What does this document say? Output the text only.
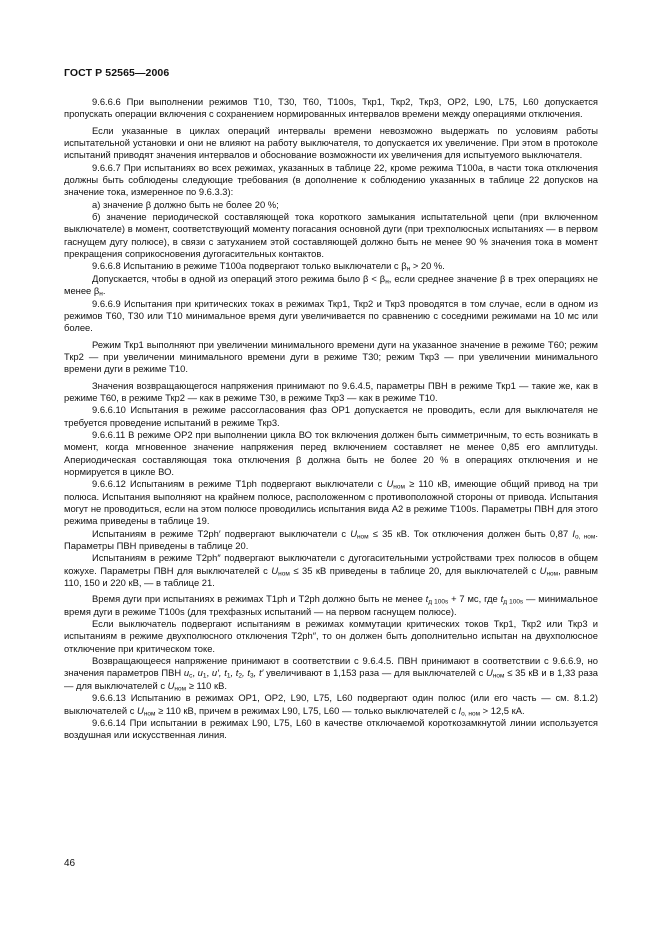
ГОСТ Р 52565—2006

9.6.6.6 При выполнении режимов Т10, Т30, Т60, Т100s, Ткр1, Ткр2, Ткр3, ОР2, L90, L75, L60 допускается пропускать операции включения с сохранением нормированных интервалов времени между операциями отключения.

Если указанные в циклах операций интервалы времени невозможно выдержать по условиям работы испытательной установки и они не влияют на работу выключателя, то допускается их увеличение. При этом в протоколе испытаний приводят значения интервалов и обоснование возможности их увеличения для испытуемого выключателя.

9.6.6.7 При испытаниях во всех режимах, указанных в таблице 22, кроме режима Т100а, в части тока отключения должны быть соблюдены следующие требования (в дополнение к соблюдению указанных в таблице 22 допусков на значение тока, измеренное по 9.6.3.3):

а) значение β должно быть не более 20 %;

б) значение периодической составляющей тока короткого замыкания испытательной цепи (при включенном выключателе) в момент, соответствующий моменту погасания основной дуги (при трехполюсных испытаниях — в первом гаснущем дугу полюсе), в связи с затуханием этой составляющей должно быть не менее 90 % значения тока в момент прекращения соприкосновения дугогасительных контактов.

9.6.6.8 Испытанию в режиме Т100а подвергают только выключатели с $\beta_н > 20$ %.

Допускается, чтобы в одной из операций этого режима было $\beta < \beta_н$, если среднее значение β в трех операциях не менее $\beta_н$.

9.6.6.9 Испытания при критических токах в режимах Ткр1, Ткр2 и Ткр3 проводятся в том случае, если в одном из режимов Т60, Т30 или Т10 минимальное время дуги увеличивается по сравнению с соседними режимами на 10 мс или более.

Режим Ткр1 выполняют при увеличении минимального времени дуги на указанное значение в режиме Т60; режим Ткр2 — при увеличении минимального времени дуги в режиме Т30; режим Ткр3 — при увеличении минимального времени дуги в режиме Т10.

Значения возвращающегося напряжения принимают по 9.6.4.5, параметры ПВН в режиме Ткр1 — такие же, как в режиме Т60, в режиме Ткр2 — как в режиме Т30, в режиме Ткр3 — как в режиме Т10.

9.6.6.10 Испытания в режиме рассогласования фаз ОР1 допускается не проводить, если для выключателя не требуется проведение испытаний в режиме Ткр3.

9.6.6.11 В режиме ОР2 при выполнении цикла ВО ток включения должен быть симметричным, то есть возникать в момент, когда мгновенное значение напряжения перед включением составляет не менее 0,85 его амплитуды. Апериодическая составляющая тока отключения β должна быть не более 20 % в операциях отключения и не нормируется в цикле ВО.

9.6.6.12 Испытаниям в режиме Т1ph подвергают выключатели с $U_{ном} \ge 110$ кВ, имеющие общий привод на три полюса. Испытания выполняют на крайнем полюсе, расположенном с противоположной стороны от привода. Испытания могут не проводиться, если на этом полюсе проводились испытания вида А2 в режиме Т100s. Параметры ПВН для этого режима приведены в таблице 19.

Испытаниям в режиме Т2ph′ подвергают выключатели с $U_{ном} \le 35$ кВ. Ток отключения должен быть 0,87 $I_{о, ном}$. Параметры ПВН приведены в таблице 20.

Испытаниям в режиме Т2ph″ подвергают выключатели с дугогасительными устройствами трех полюсов в общем кожухе. Параметры ПВН для выключателей с $U_{ном} \le 35$ кВ приведены в таблице 20, для выключателей с $U_{ном}$, равным 110, 150 и 220 кВ, — в таблице 21.

Время дуги при испытаниях в режимах Т1ph и Т2ph должно быть не менее $t_{д 100s} + 7$ мс, где $t_{д 100s}$ — минимальное время дуги в режиме Т100s (для трехфазных испытаний — на первом гаснущем полюсе).

Если выключатель подвергают испытаниям в режимах коммутации критических токов Ткр1, Ткр2 или Ткр3 и испытаниям в режиме двухполюсного отключения Т2ph″, то он должен быть дополнительно испытан на двухполюсное отключение при критическом токе.

Возвращающееся напряжение принимают в соответствии с 9.6.4.5. ПВН принимают в соответствии с 9.6.6.9, но значения параметров ПВН $u_с$, $u_1$, u′, $t_1$, $t_2$, $t_3$, t′ увеличивают в 1,153 раза — для выключателей с $U_{ном} \le 35$ кВ и в 1,33 раза — для выключателей с $U_{ном} \ge 110$ кВ.

9.6.6.13 Испытанию в режимах ОР1, ОР2, L90, L75, L60 подвергают один полюс (или его часть — см. 8.1.2) выключателей с $U_{ном} \ge 110$ кВ, причем в режимах L90, L75, L60 — только выключателей с $I_{о, ном} > 12,5$ кА.

9.6.6.14 При испытании в режимах L90, L75, L60 в качестве отключаемой короткозамкнутой линии используется воздушная или искусственная линия.

46
